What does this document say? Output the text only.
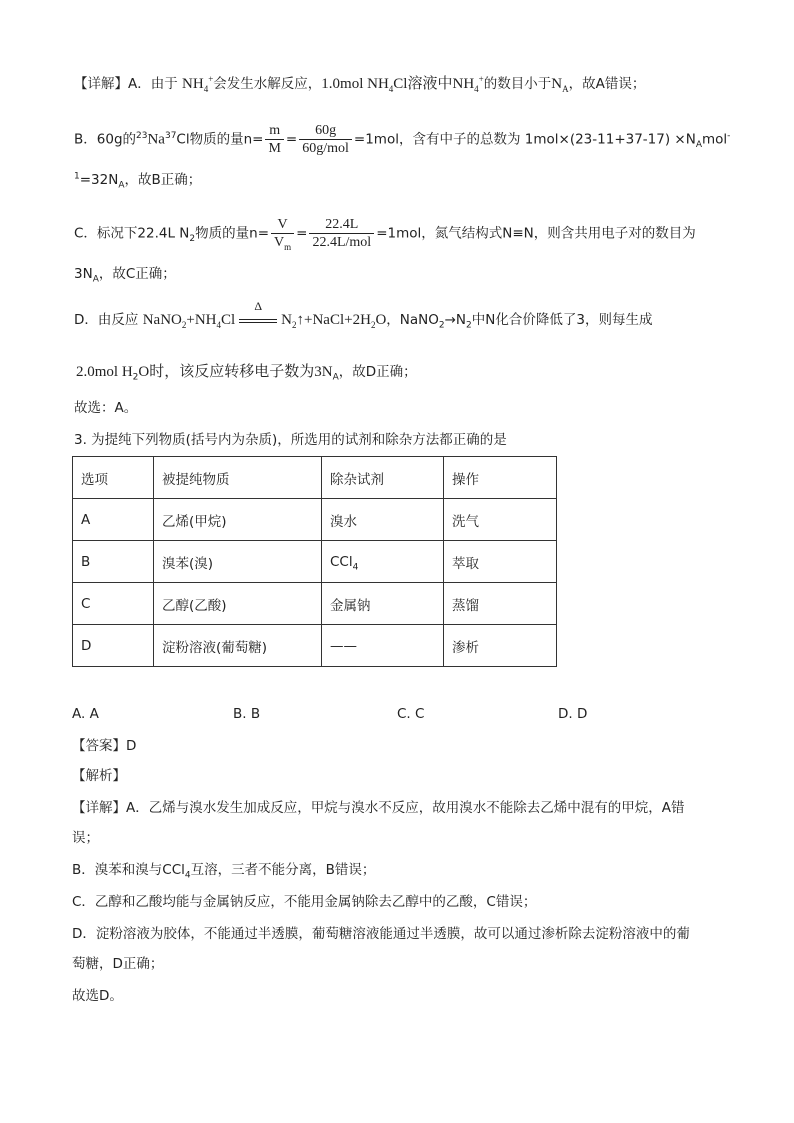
【详解】A．由于 $NH_4^+$会发生水解反应，1.0mol $NH_4Cl$溶液中$NH_4^+$的数目小于$N_A$，故A错误；
B．60g的$^{23}$Na$^{37}$Cl物质的量$n= \frac{m}{M} = \frac{60g}{\text{60g/mol}} =1mol$，含有中子的总数为 $1mol\times(23-11+37-17) \times N_Amol^-$
$^1=32N_A$，故B正确；
C．标况下22.4L $N_2$物质的量$n= \frac{V}{V_m} = \frac{22.4L}{\text{22.4L/mol}} =1mol$，氮气结构式N≡N，则含共用电子对的数目为
$3N_A$，故C正确；
D．由反应 $NaNO_2+NH_4Cl$
Δ
$N_2↑+NaCl+2H_2O$，$NaNO_2\to N_2$中N化合价降低了3，则每生成
2.0mol $H_2O$时，该反应转移电子数为$3N_A$，故D正确；
故选：A。
3. 为提纯下列物质(括号内为杂质)，所选用的试剂和除杂方法都正确的是
选项	被提纯物质	除杂试剂	操作
A	乙烯(甲烷)	溴水	洗气
B	溴苯(溴)	CCl$_4$	萃取
C	乙醇(乙酸)	金属钠	蒸馏
D	淀粉溶液(葡萄糖)	——	渗析
A. A	B. B	C. C	D. D
【答案】D
【解析】
【详解】A．乙烯与溴水发生加成反应，甲烷与溴水不反应，故用溴水不能除去乙烯中混有的甲烷，A错
误；
B．溴苯和溴与CCl$_4$互溶，三者不能分离，B错误；
C．乙醇和乙酸均能与金属钠反应，不能用金属钠除去乙醇中的乙酸，C错误；
D．淀粉溶液为胶体，不能通过半透膜，葡萄糖溶液能通过半透膜，故可以通过渗析除去淀粉溶液中的葡
萄糖，D正确；
故选D。
